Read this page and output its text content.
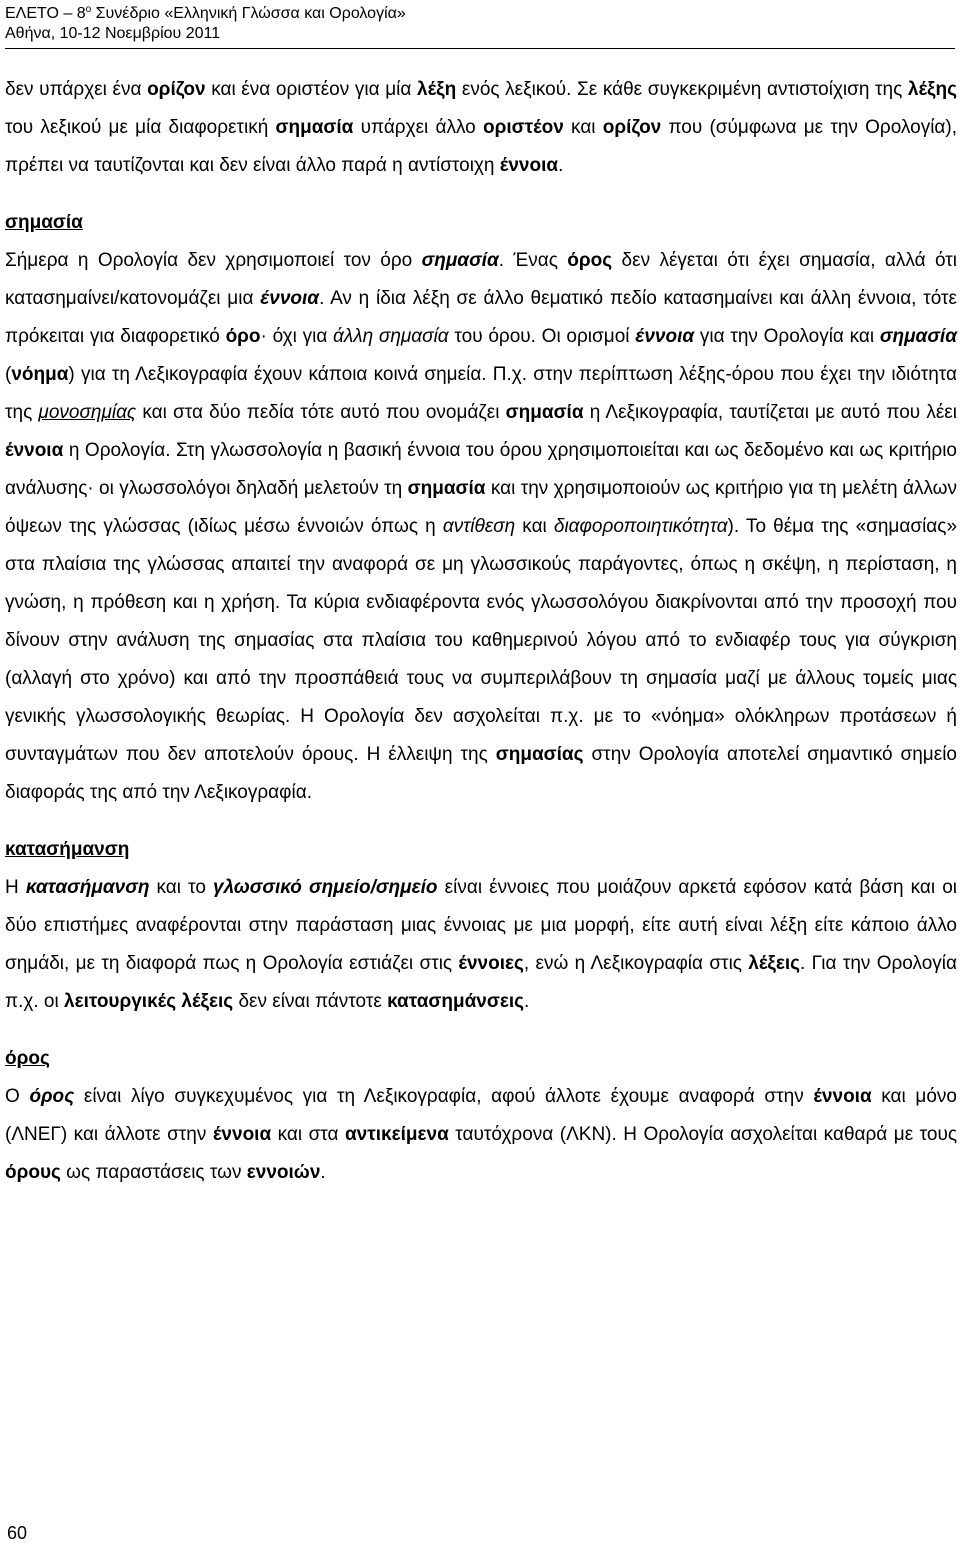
ΕΛΕΤΟ – $8^o$ Συνέδριο «Ελληνική Γλώσσα και Ορολογία»
Αθήνα, 10-12 Νοεμβρίου 2011

δεν υπάρχει ένα ορίζον και ένα οριστέον για μία λέξη ενός λεξικού. Σε κάθε συγκεκριμένη αντιστοίχιση της λέξης του λεξικού με μία διαφορετική σημασία υπάρχει άλλο οριστέον και ορίζον που (σύμφωνα με την Ορολογία), πρέπει να ταυτίζονται και δεν είναι άλλο παρά η αντίστοιχη έννοια.

σημασία

Σήμερα η Ορολογία δεν χρησιμοποιεί τον όρο σημασία. Ένας όρος δεν λέγεται ότι έχει σημασία, αλλά ότι κατασημαίνει/κατονομάζει μια έννοια. Αν η ίδια λέξη σε άλλο θεματικό πεδίο κατασημαίνει και άλλη έννοια, τότε πρόκειται για διαφορετικό όρο· όχι για άλλη σημασία του όρου. Οι ορισμοί έννοια για την Ορολογία και σημασία (νόημα) για τη Λεξικογραφία έχουν κάποια κοινά σημεία. Π.χ. στην περίπτωση λέξης-όρου που έχει την ιδιότητα της μονοσημίας και στα δύο πεδία τότε αυτό που ονομάζει σημασία η Λεξικογραφία, ταυτίζεται με αυτό που λέει έννοια η Ορολογία. Στη γλωσσολογία η βασική έννοια του όρου χρησιμοποιείται και ως δεδομένο και ως κριτήριο ανάλυσης· οι γλωσσολόγοι δηλαδή μελετούν τη σημασία και την χρησιμοποιούν ως κριτήριο για τη μελέτη άλλων όψεων της γλώσσας (ιδίως μέσω έννοιών όπως η αντίθεση και διαφοροποιητικότητα). Το θέμα της «σημασίας» στα πλαίσια της γλώσσας απαιτεί την αναφορά σε μη γλωσσικούς παράγοντες, όπως η σκέψη, η περίσταση, η γνώση, η πρόθεση και η χρήση. Τα κύρια ενδιαφέροντα ενός γλωσσολόγου διακρίνονται από την προσοχή που δίνουν στην ανάλυση της σημασίας στα πλαίσια του καθημερινού λόγου από το ενδιαφέρ τους για σύγκριση (αλλαγή στο χρόνο) και από την προσπάθειά τους να συμπεριλάβουν τη σημασία μαζί με άλλους τομείς μιας γενικής γλωσσολογικής θεωρίας. Η Ορολογία δεν ασχολείται π.χ. με το «νόημα» ολόκληρων προτάσεων ή συνταγμάτων που δεν αποτελούν όρους. Η έλλειψη της σημασίας στην Ορολογία αποτελεί σημαντικό σημείο διαφοράς της από την Λεξικογραφία.

κατασήμανση

Η κατασήμανση και το γλωσσικό σημείο/σημείο είναι έννοιες που μοιάζουν αρκετά εφόσον κατά βάση και οι δύο επιστήμες αναφέρονται στην παράσταση μιας έννοιας με μια μορφή, είτε αυτή είναι λέξη είτε κάποιο άλλο σημάδι, με τη διαφορά πως η Ορολογία εστιάζει στις έννοιες, ενώ η Λεξικογραφία στις λέξεις. Για την Ορολογία π.χ. οι λειτουργικές λέξεις δεν είναι πάντοτε κατασημάνσεις.

όρος

Ο όρος είναι λίγο συγκεχυμένος για τη Λεξικογραφία, αφού άλλοτε έχουμε αναφορά στην έννοια και μόνο (ΛΝΕΓ) και άλλοτε στην έννοια και στα αντικείμενα ταυτόχρονα (ΛΚΝ). Η Ορολογία ασχολείται καθαρά με τους όρους ως παραστάσεις των εννοιών.

60
